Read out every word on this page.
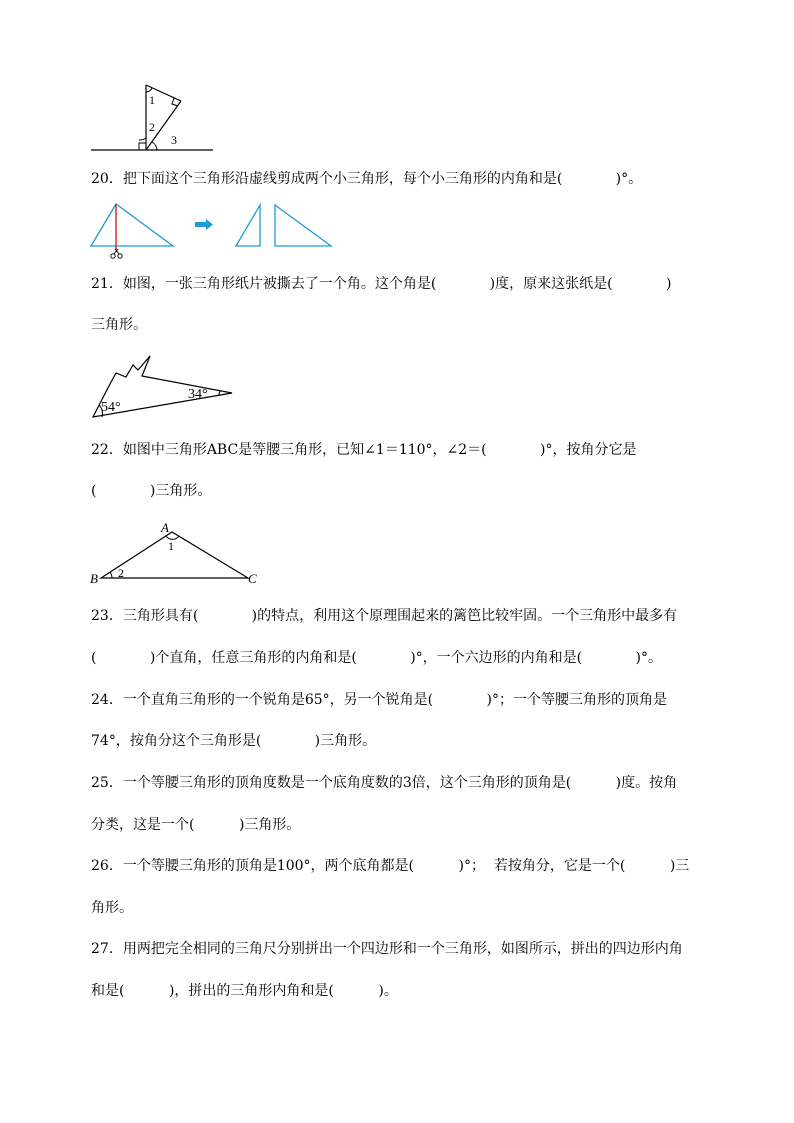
1
2
3
20．把下面这个三角形沿虚线剪成两个小三角形，每个小三角形的内角和是(            )°。
21．如图，一张三角形纸片被撕去了一个角。这个角是(            )度，原来这张纸是(            )
三角形。
54°
34°
22．如图中三角形ABC是等腰三角形，已知∠1＝110°，∠2＝(            )°，按角分它是
(            )三角形。
A
B	C
1
2
23．三角形具有(            )的特点，利用这个原理围起来的篱笆比较牢固。一个三角形中最多有
(            )个直角，任意三角形的内角和是(            )°，一个六边形的内角和是(            )°。
24．一个直角三角形的一个锐角是65°，另一个锐角是(            )°；一个等腰三角形的顶角是
74°，按角分这个三角形是(            )三角形。
25．一个等腰三角形的顶角度数是一个底角度数的3倍，这个三角形的顶角是(          )度。按角
分类，这是一个(          )三角形。
26．一个等腰三角形的顶角是100°，两个底角都是(          )°；  若按角分，它是一个(          )三
角形。
27．用两把完全相同的三角尺分别拼出一个四边形和一个三角形，如图所示，拼出的四边形内角
和是(          )，拼出的三角形内角和是(          )。
